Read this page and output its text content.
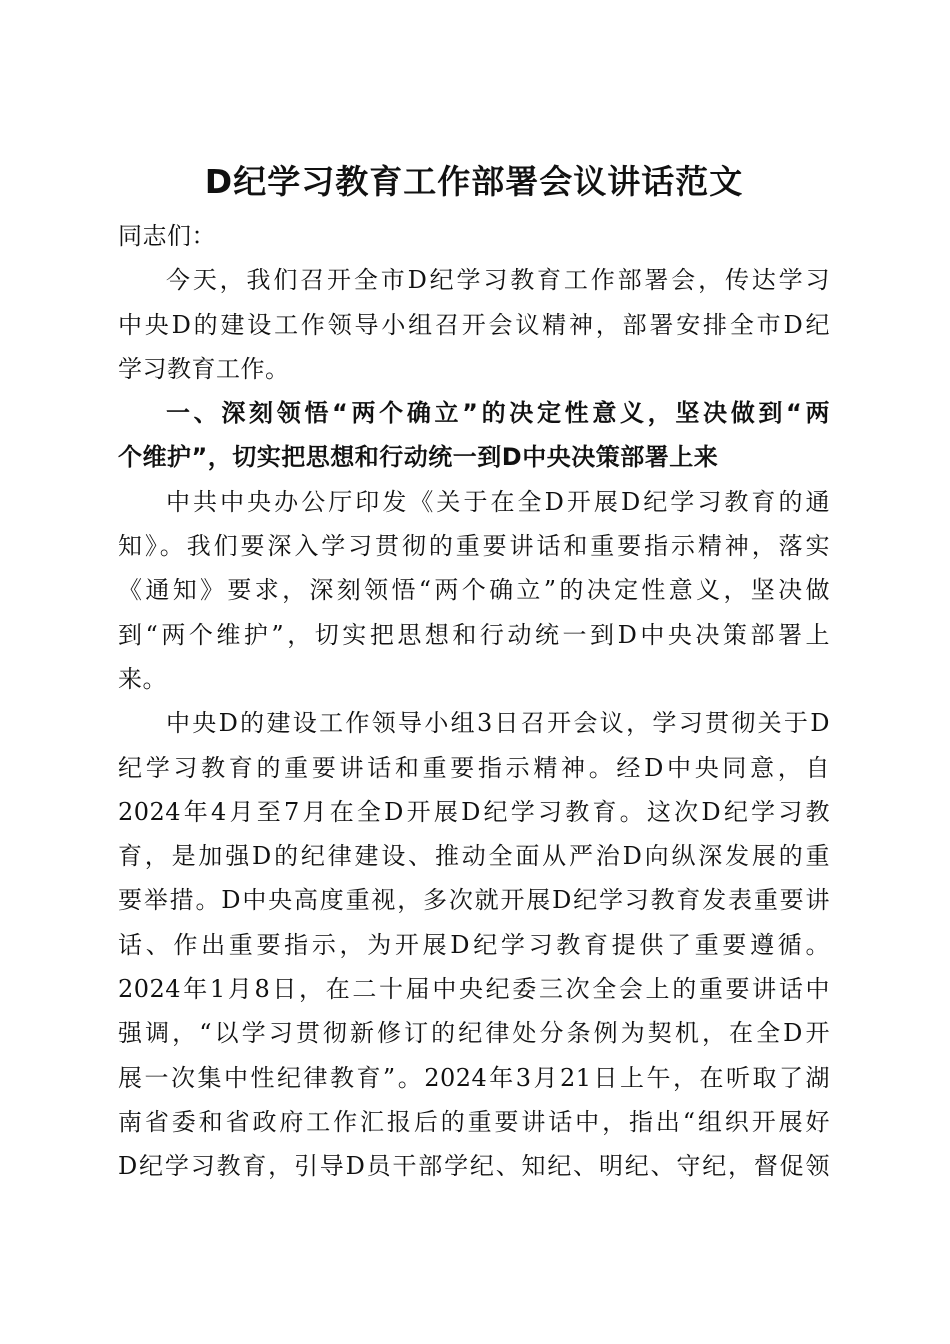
D纪学习教育工作部署会议讲话范文
同志们：
今天，我们召开全市D纪学习教育工作部署会，传达学习
中央D的建设工作领导小组召开会议精神，部署安排全市D纪
学习教育工作。
一、深刻领悟“两个确立”的决定性意义，坚决做到“两
个维护”，切实把思想和行动统一到D中央决策部署上来
中共中央办公厅印发《关于在全D开展D纪学习教育的通
知》。我们要深入学习贯彻的重要讲话和重要指示精神，落实
《通知》要求，深刻领悟“两个确立”的决定性意义，坚决做
到“两个维护”，切实把思想和行动统一到D中央决策部署上
来。
中央D的建设工作领导小组3日召开会议，学习贯彻关于D
纪学习教育的重要讲话和重要指示精神。经D中央同意，自
2024年4月至7月在全D开展D纪学习教育。这次D纪学习教
育，是加强D的纪律建设、推动全面从严治D向纵深发展的重
要举措。D中央高度重视，多次就开展D纪学习教育发表重要讲
话、作出重要指示，为开展D纪学习教育提供了重要遵循。
2024年1月8日，在二十届中央纪委三次全会上的重要讲话中
强调，“以学习贯彻新修订的纪律处分条例为契机，在全D开
展一次集中性纪律教育”。2024年3月21日上午，在听取了湖
南省委和省政府工作汇报后的重要讲话中，指出“组织开展好
D纪学习教育，引导D员干部学纪、知纪、明纪、守纪，督促领
